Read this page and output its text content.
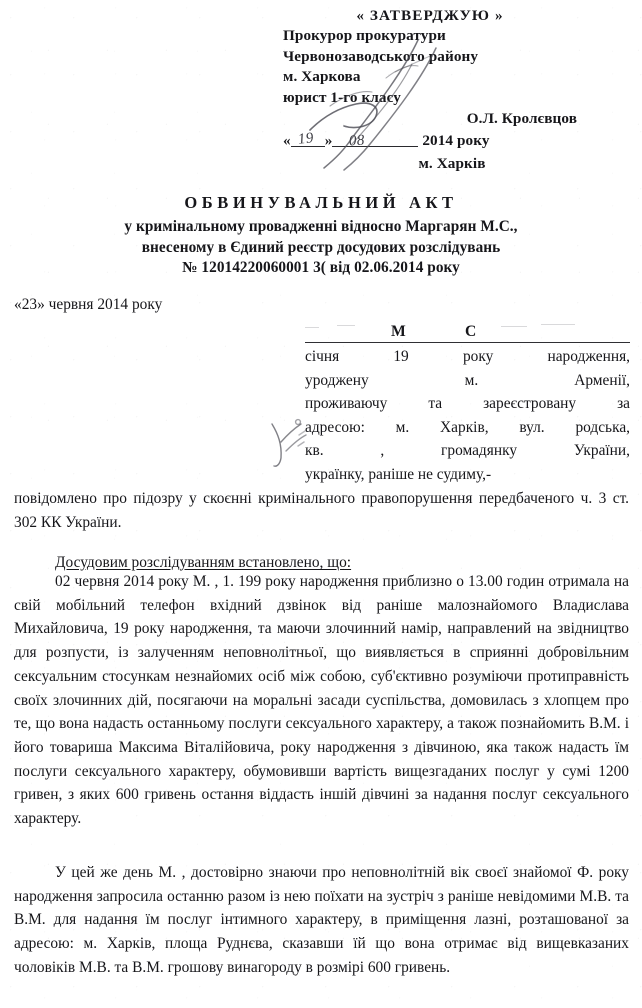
« ЗАТВЕРДЖУЮ »
Прокурор прокуратури
Червонозаводського району
м. Харкова
юрист 1-го класу
О.Л. Кролєвцов
« »	2014 року
19 08
м. Харків
ОБВИНУВАЛЬНИЙ АКТ
у кримінальному провадженні відносно Маргарян М.С.,
внесеному в Єдиний реєстр досудових розслідувань
№ 12014220060001 3( від 02.06.2014 року
«23» червня 2014 року
М	С

січня 19 року народження,

уроджену м. Арменії,

проживаючу та зареєстровану за

адресою: м. Харків, вул. родська,

кв. , громадянку України,

українку, раніше не судиму,-

повідомлено про підозру у скоєнні кримінального правопорушення передбаченого ч. 3 ст. 302 КК України.

Досудовим розслідуванням встановлено, що:

02 червня 2014 року М. , 1. 199 року народження приблизно о 13.00 годин отримала на свій мобільний телефон вхідний дзвінок від раніше малознайомого Владислава Михайловича, 19 року народження, та маючи злочинний намір, направлений на звідництво для розпусти, із залученням неповнолітньої, що виявляється в сприянні добровільним сексуальним стосункам незнайомих осіб між собою, суб'єктивно розуміючи протиправність своїх злочинних дій, посягаючи на моральні засади суспільства, домовилась з хлопцем про те, що вона надасть останньому послуги сексуального характеру, а також познайомить В.М. і його товариша Максима Віталійовича, року народження з дівчиною, яка також надасть їм послуги сексуального характеру, обумовивши вартість вищезгаданих послуг у сумі 1200 гривен, з яких 600 гривень остання віддасть іншій дівчині за надання послуг сексуального характеру.

У цей же день М. , достовірно знаючи про неповнолітній вік своєї знайомої Ф. року народження запросила останню разом із нею поїхати на зустріч з раніше невідомими М.В. та В.М. для надання їм послуг інтимного характеру, в приміщення лазні, розташованої за адресою: м. Харків, площа Руднєва, сказавши їй що вона отримає від вищевказаних чоловіків М.В. та В.М. грошову винагороду в розмірі 600 гривень.
